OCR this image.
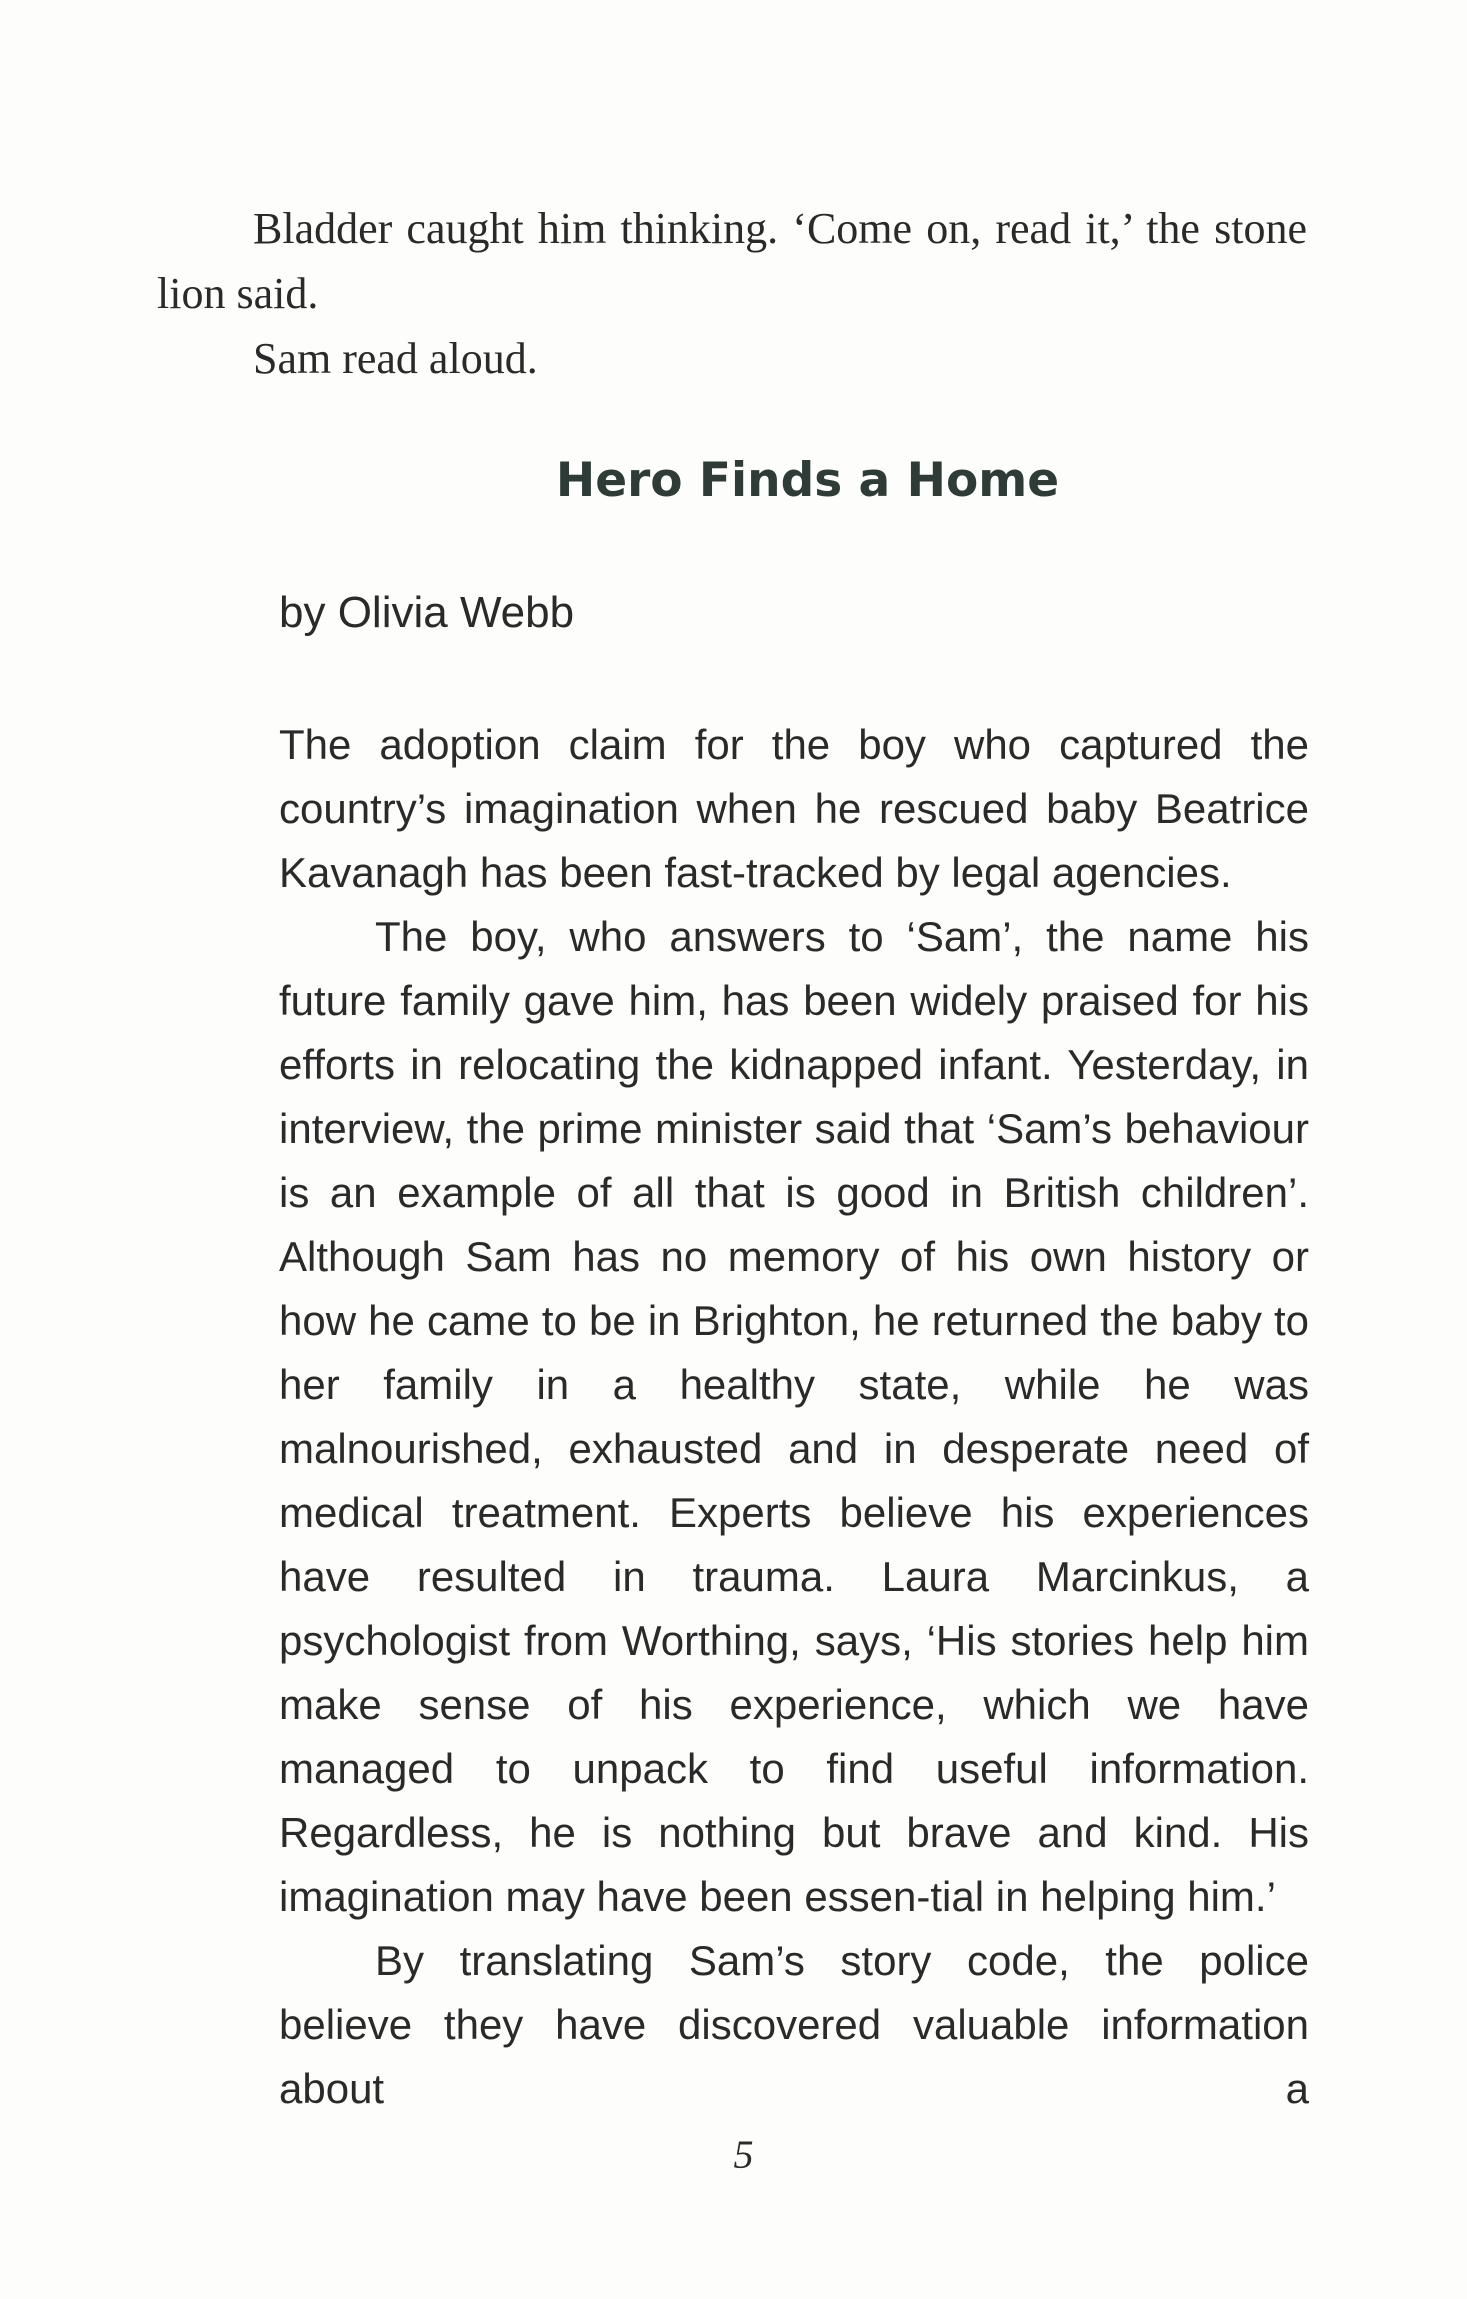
Bladder caught him thinking. ‘Come on, read it,’ the stone lion said.

Sam read aloud.

Hero Finds a Home

by Olivia Webb

The adoption claim for the boy who captured the country’s imagination when he rescued baby Beatrice Kavanagh has been fast-tracked by legal agencies.

The boy, who answers to ‘Sam’, the name his future family gave him, has been widely praised for his efforts in relocating the kidnapped infant. Yesterday, in interview, the prime minister said that ‘Sam’s behaviour is an example of all that is good in British children’. Although Sam has no memory of his own history or how he came to be in Brighton, he returned the baby to her family in a healthy state, while he was malnourished, exhausted and in desperate need of medical treatment. Experts believe his experiences have resulted in trauma. Laura Marcinkus, a psychologist from Worthing, says, ‘His stories help him make sense of his experience, which we have managed to unpack to find useful information. Regardless, he is nothing but brave and kind. His imagination may have been essen-tial in helping him.’

By translating Sam’s story code, the police believe they have discovered valuable information about a

5
